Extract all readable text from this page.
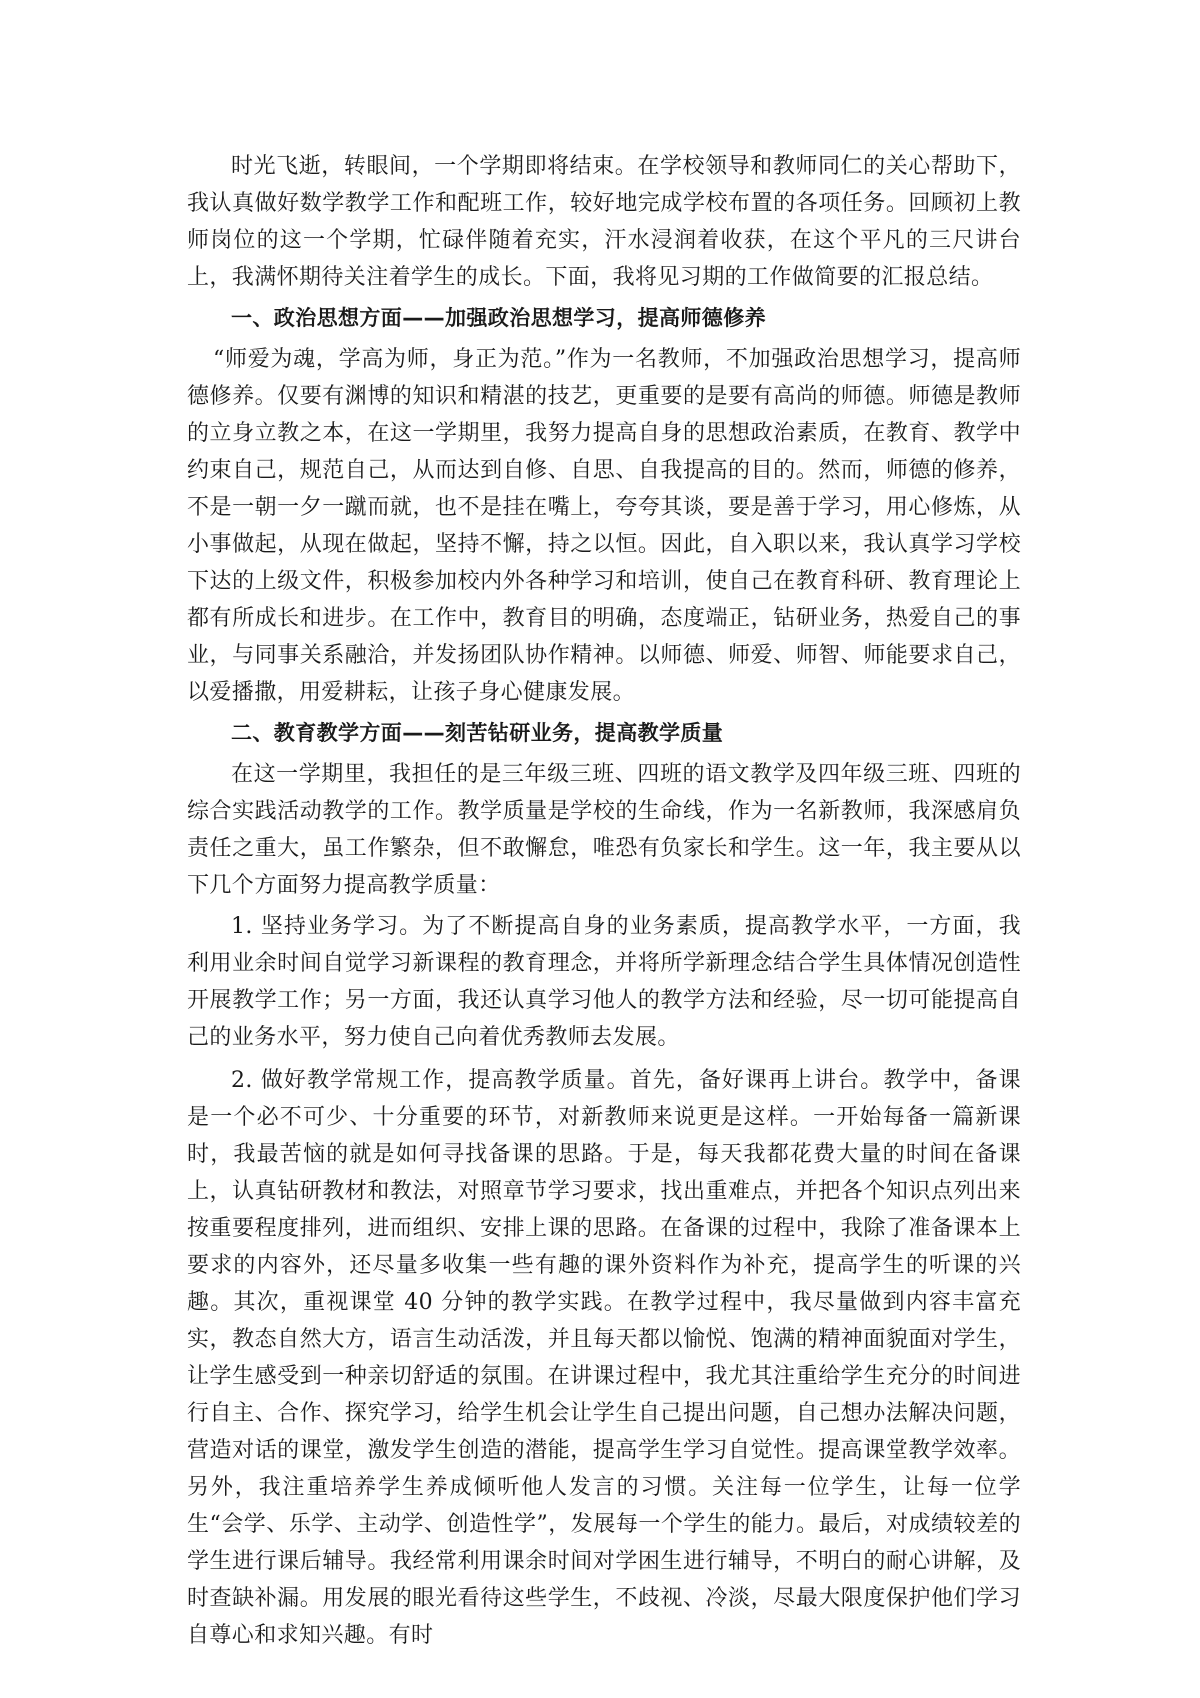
时光飞逝，转眼间，一个学期即将结束。在学校领导和教师同仁的关心帮助下，我认真做好数学教学工作和配班工作，较好地完成学校布置的各项任务。回顾初上教师岗位的这一个学期，忙碌伴随着充实，汗水浸润着收获，在这个平凡的三尺讲台上，我满怀期待关注着学生的成长。下面，我将见习期的工作做简要的汇报总结。

一、政治思想方面——加强政治思想学习，提高师德修养

“师爱为魂，学高为师，身正为范。”作为一名教师，不加强政治思想学习，提高师德修养。仅要有渊博的知识和精湛的技艺，更重要的是要有高尚的师德。师德是教师的立身立教之本，在这一学期里，我努力提高自身的思想政治素质，在教育、教学中约束自己，规范自己，从而达到自修、自思、自我提高的目的。然而，师德的修养，不是一朝一夕一蹴而就，也不是挂在嘴上，夸夸其谈，要是善于学习，用心修炼，从小事做起，从现在做起，坚持不懈，持之以恒。因此，自入职以来，我认真学习学校下达的上级文件，积极参加校内外各种学习和培训，使自己在教育科研、教育理论上都有所成长和进步。在工作中，教育目的明确，态度端正，钻研业务，热爱自己的事业，与同事关系融洽，并发扬团队协作精神。以师德、师爱、师智、师能要求自己，以爱播撒，用爱耕耘，让孩子身心健康发展。

二、教育教学方面——刻苦钻研业务，提高教学质量

在这一学期里，我担任的是三年级三班、四班的语文教学及四年级三班、四班的综合实践活动教学的工作。教学质量是学校的生命线，作为一名新教师，我深感肩负责任之重大，虽工作繁杂，但不敢懈怠，唯恐有负家长和学生。这一年，我主要从以下几个方面努力提高教学质量：

1. 坚持业务学习。为了不断提高自身的业务素质，提高教学水平，一方面，我利用业余时间自觉学习新课程的教育理念，并将所学新理念结合学生具体情况创造性开展教学工作；另一方面，我还认真学习他人的教学方法和经验，尽一切可能提高自己的业务水平，努力使自己向着优秀教师去发展。

2. 做好教学常规工作，提高教学质量。首先，备好课再上讲台。教学中，备课是一个必不可少、十分重要的环节，对新教师来说更是这样。一开始每备一篇新课时，我最苦恼的就是如何寻找备课的思路。于是，每天我都花费大量的时间在备课上，认真钻研教材和教法，对照章节学习要求，找出重难点，并把各个知识点列出来按重要程度排列，进而组织、安排上课的思路。在备课的过程中，我除了准备课本上要求的内容外，还尽量多收集一些有趣的课外资料作为补充，提高学生的听课的兴趣。其次，重视课堂 40 分钟的教学实践。在教学过程中，我尽量做到内容丰富充实，教态自然大方，语言生动活泼，并且每天都以愉悦、饱满的精神面貌面对学生，让学生感受到一种亲切舒适的氛围。在讲课过程中，我尤其注重给学生充分的时间进行自主、合作、探究学习，给学生机会让学生自己提出问题，自己想办法解决问题，营造对话的课堂，激发学生创造的潜能，提高学生学习自觉性。提高课堂教学效率。另外，我注重培养学生养成倾听他人发言的习惯。关注每一位学生，让每一位学生“会学、乐学、主动学、创造性学”，发展每一个学生的能力。最后，对成绩较差的学生进行课后辅导。我经常利用课余时间对学困生进行辅导，不明白的耐心讲解，及时查缺补漏。用发展的眼光看待这些学生，不歧视、冷淡，尽最大限度保护他们学习自尊心和求知兴趣。有时
